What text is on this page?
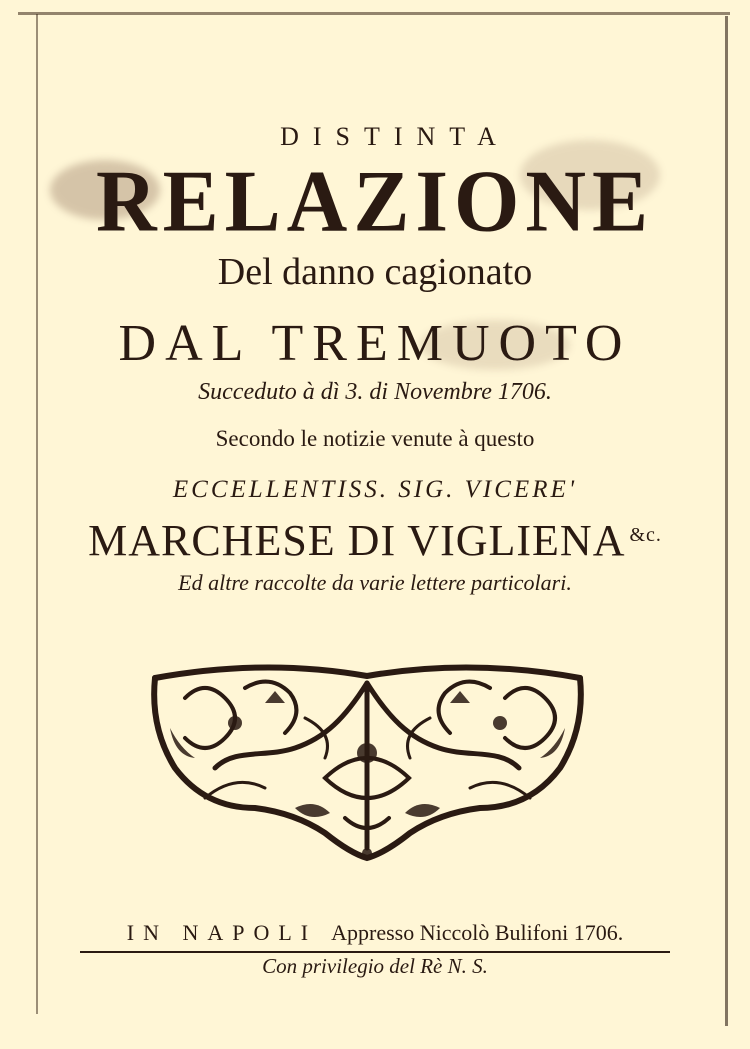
DISTINTA
RELAZIONE
Del danno cagionato
DAL TREMUOTO
Succeduto à dì 3. di Novembre 1706.
Secondo le notizie venute à questo
ECCELLENTISS. SIG. VICERE'
MARCHESE DI VIGLIENA $^{\&c.}$
Ed altre raccolte da varie lettere particolari.
IN NAPOLI Appresso Niccolò Bulifoni 1706.
Con privilegio del Rè N. S.
